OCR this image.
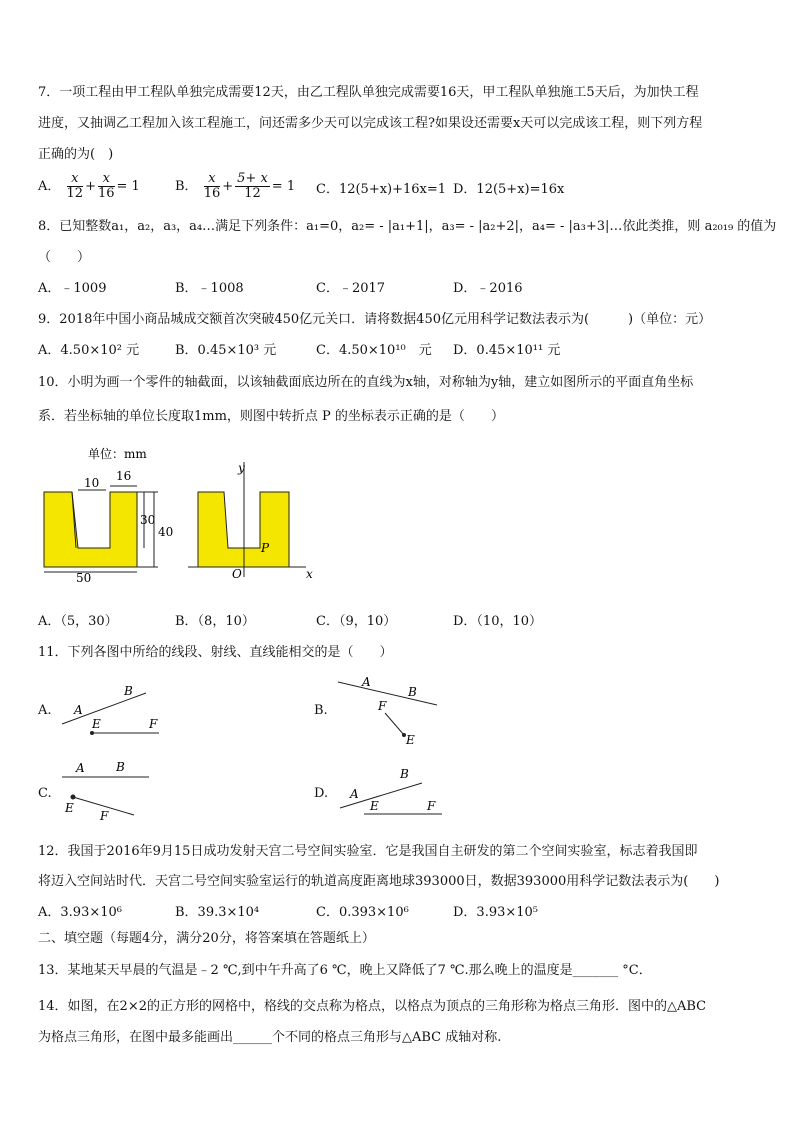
7．一项工程由甲工程队单独完成需要12天，由乙工程队单独完成需要16天，甲工程队单独施工5天后，为加快工程
进度，又抽调乙工程加入该工程施工，问还需多少天可以完成该工程?如果设还需要x天可以完成该工程，则下列方程
正确的为(　)
A． $\frac{x}{12} + \frac{x}{16} = 1$	B． $\frac{x}{16} + \frac{5+ x}{12} = 1$ C．12(5+x)+16x=1 D．12(5+x)=16x
8．已知整数a₁，a₂，a₃，a₄…满足下列条件：a₁=0，a₂= - |a₁+1|，a₃= - |a₂+2|，a₄= - |a₃+3|…依此类推，则 a₂₀₁₉ 的值为
（　　）
A．﹣1009	B．﹣1008	C．﹣2017	D．﹣2016
9．2018年中国小商品城成交额首次突破450亿元关口．请将数据450亿元用科学记数法表示为(　　　)（单位：元）
A．4.50×10² 元	B．0.45×10³ 元	C．4.50×10¹⁰　元 D．0.45×10¹¹ 元
10．小明为画一个零件的轴截面，以该轴截面底边所在的直线为x轴，对称轴为y轴，建立如图所示的平面直角坐标
系．若坐标轴的单位长度取1mm，则图中转折点 P 的坐标表示正确的是（　　）
单位：mm
10 16
30
40
50
y
x
O
P
A．（5，30）	B．（8，10）	C．（9，10）	D．（10，10）
11．下列各图中所给的线段、射线、直线能相交的是（　　）
A. A
B
E	F
B.
A
B
F
E
C.
A	B
E
F
D. A
B
E	F
12．我国于2016年9月15日成功发射天宫二号空间实验室．它是我国自主研发的第二个空间实验室，标志着我国即
将迈入空间站时代．天宫二号空间实验室运行的轨道高度距离地球393000日，数据393000用科学记数法表示为(　　)
A．3.93×10⁶	B．39.3×10⁴	C．0.393×10⁶	D．3.93×10⁵
二、填空题（每题4分，满分20分，将答案填在答题纸上）
13．某地某天早晨的气温是﹣2 ℃,到中午升高了6 ℃，晚上又降低了7 ℃.那么晚上的温度是_______ °C．
14．如图，在2×2的正方形的网格中，格线的交点称为格点，以格点为顶点的三角形称为格点三角形．图中的△ABC
为格点三角形，在图中最多能画出______个不同的格点三角形与△ABC 成轴对称.
